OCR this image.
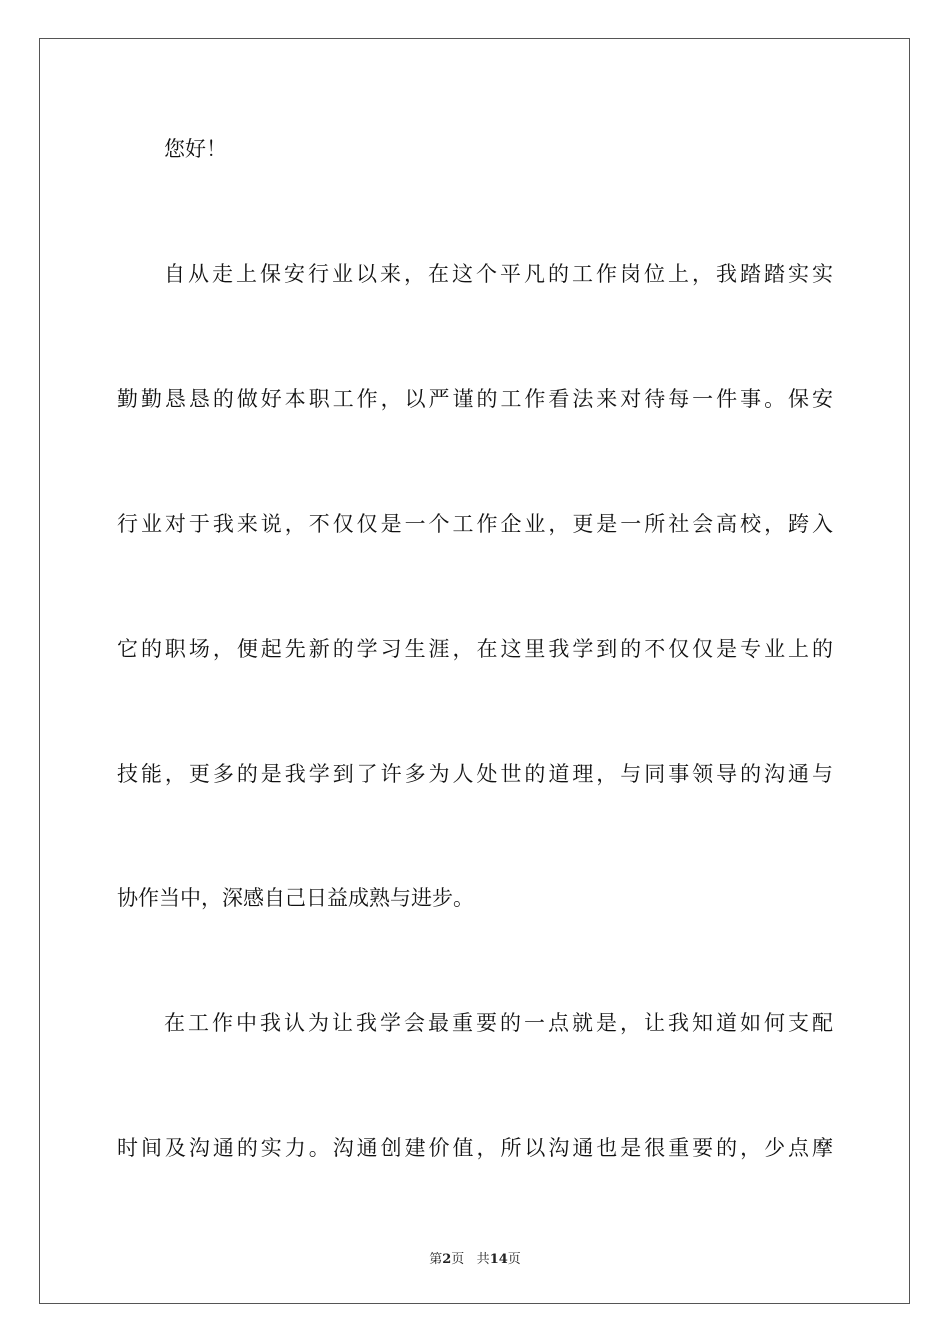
您好！
自从走上保安行业以来，在这个平凡的工作岗位上，我踏踏实实
勤勤恳恳的做好本职工作，以严谨的工作看法来对待每一件事。保安
行业对于我来说，不仅仅是一个工作企业，更是一所社会高校，跨入
它的职场，便起先新的学习生涯，在这里我学到的不仅仅是专业上的
技能，更多的是我学到了许多为人处世的道理，与同事领导的沟通与
协作当中，深感自己日益成熟与进步。
在工作中我认为让我学会最重要的一点就是，让我知道如何支配
时间及沟通的实力。沟通创建价值，所以沟通也是很重要的，少点摩
第2页 共14页
